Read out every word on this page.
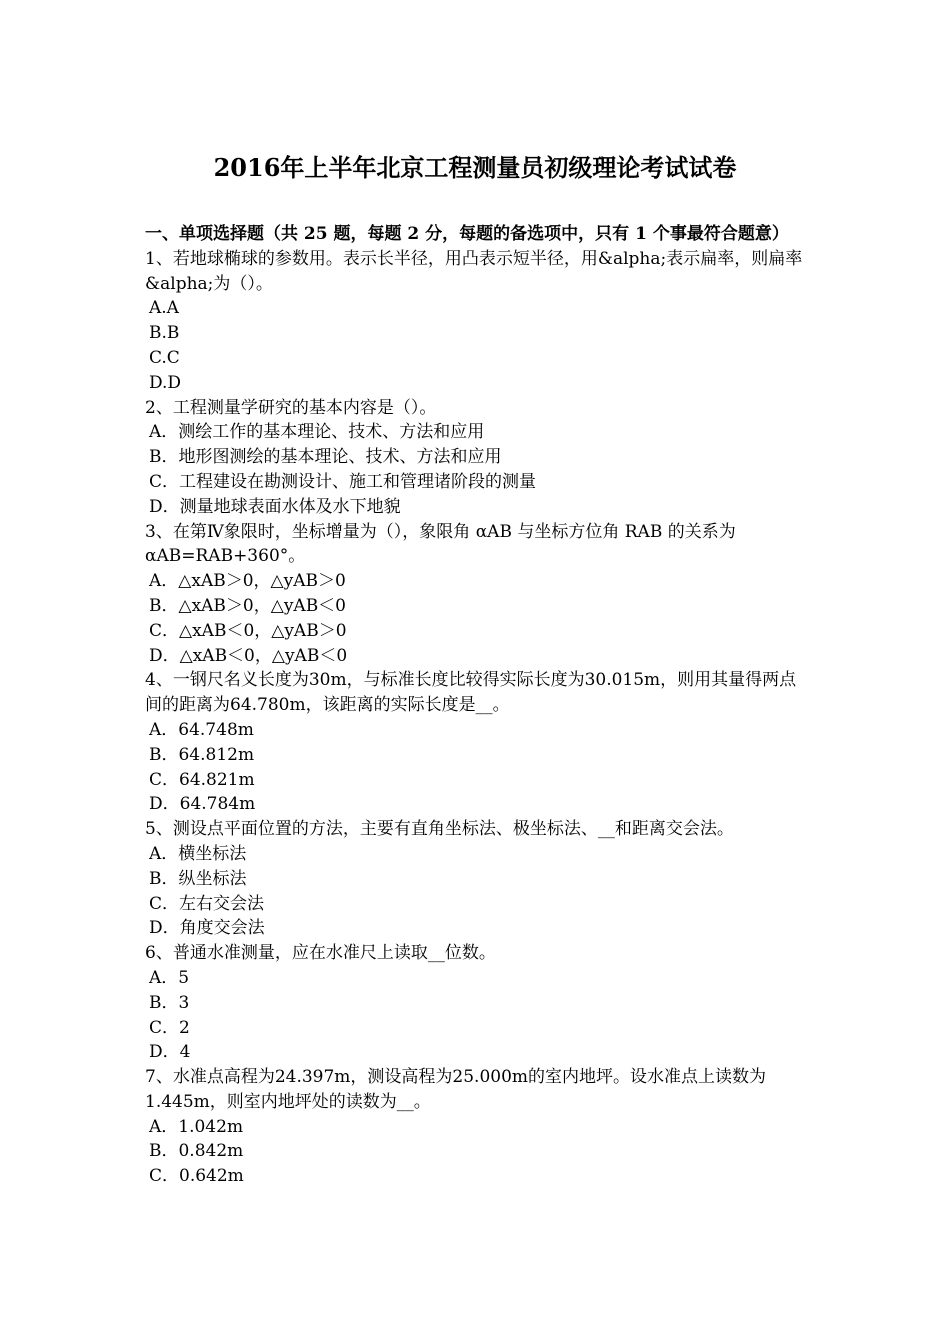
2016年上半年北京工程测量员初级理论考试试卷
一、单项选择题（共 25 题，每题 2 分，每题的备选项中，只有 1 个事最符合题意）

1、若地球椭球的参数用。表示长半径，用凸表示短半径，用&alpha;表示扁率，则扁率&alpha;为（）。

A.A

B.B

C.C

D.D

2、工程测量学研究的基本内容是（）。

A．测绘工作的基本理论、技术、方法和应用

B．地形图测绘的基本理论、技术、方法和应用

C．工程建设在勘测设计、施工和管理诸阶段的测量

D．测量地球表面水体及水下地貌

3、在第Ⅳ象限时，坐标增量为（），象限角 αAB 与坐标方位角 RAB 的关系为αAB=RAB+360°。

A．△xAB＞0，△yAB＞0

B．△xAB＞0，△yAB＜0

C．△xAB＜0，△yAB＞0

D．△xAB＜0，△yAB＜0

4、一钢尺名义长度为30m，与标准长度比较得实际长度为30.015m，则用其量得两点间的距离为64.780m，该距离的实际长度是__。

A．64.748m

B．64.812m

C．64.821m

D．64.784m

5、测设点平面位置的方法，主要有直角坐标法、极坐标法、__和距离交会法。

A．横坐标法

B．纵坐标法

C．左右交会法

D．角度交会法

6、普通水准测量，应在水准尺上读取__位数。

A．5

B．3

C．2

D．4

7、水准点高程为24.397m，测设高程为25.000m的室内地坪。设水准点上读数为1.445m，则室内地坪处的读数为__。

A．1.042m

B．0.842m

C．0.642m
